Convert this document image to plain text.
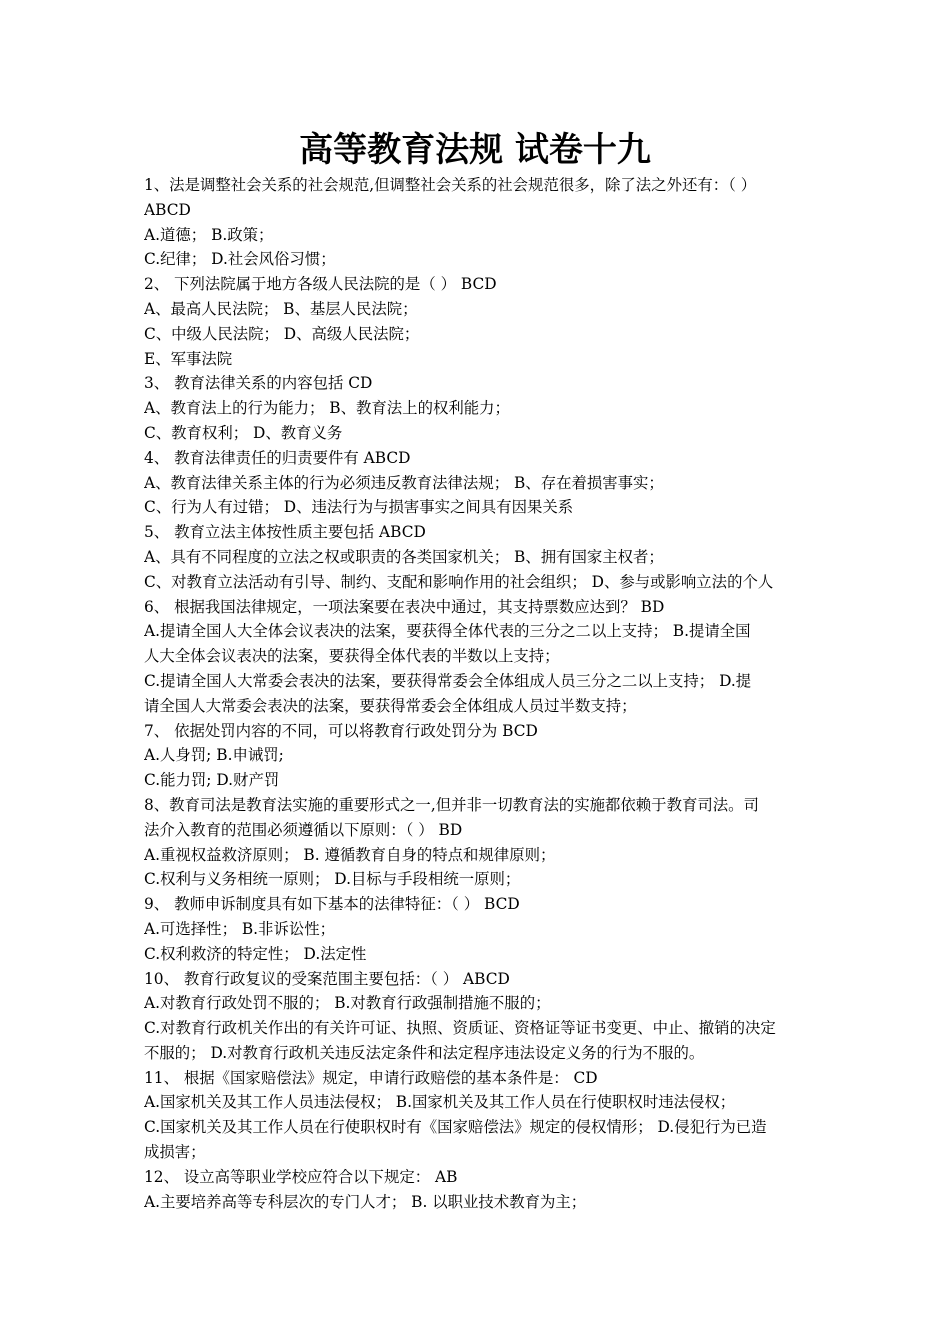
高等教育法规 试卷十九
1、法是调整社会关系的社会规范,但调整社会关系的社会规范很多，除了法之外还有：（ ）
ABCD
A.道德； B.政策；
C.纪律； D.社会风俗习惯；
2、 下列法院属于地方各级人民法院的是（ ） BCD
A、最高人民法院； B、基层人民法院；
C、中级人民法院； D、高级人民法院；
E、军事法院
3、 教育法律关系的内容包括 CD
A、教育法上的行为能力； B、教育法上的权利能力；
C、教育权利； D、教育义务
4、 教育法律责任的归责要件有 ABCD
A、教育法律关系主体的行为必须违反教育法律法规； B、存在着损害事实；
C、行为人有过错； D、违法行为与损害事实之间具有因果关系
5、 教育立法主体按性质主要包括 ABCD
A、具有不同程度的立法之权或职责的各类国家机关； B、拥有国家主权者；
C、对教育立法活动有引导、制约、支配和影响作用的社会组织； D、参与或影响立法的个人
6、 根据我国法律规定，一项法案要在表决中通过，其支持票数应达到？ BD
A.提请全国人大全体会议表决的法案，要获得全体代表的三分之二以上支持； B.提请全国
人大全体会议表决的法案，要获得全体代表的半数以上支持；
C.提请全国人大常委会表决的法案，要获得常委会全体组成人员三分之二以上支持； D.提
请全国人大常委会表决的法案，要获得常委会全体组成人员过半数支持；
7、 依据处罚内容的不同，可以将教育行政处罚分为 BCD
A.人身罚; B.申诫罚;
C.能力罚; D.财产罚
8、教育司法是教育法实施的重要形式之一,但并非一切教育法的实施都依赖于教育司法。司
法介入教育的范围必须遵循以下原则：（ ） BD
A.重视权益救济原则； B. 遵循教育自身的特点和规律原则；
C.权利与义务相统一原则； D.目标与手段相统一原则；
9、 教师申诉制度具有如下基本的法律特征：（ ） BCD
A.可选择性； B.非诉讼性；
C.权利救济的特定性； D.法定性
10、 教育行政复议的受案范围主要包括：（ ） ABCD
A.对教育行政处罚不服的； B.对教育行政强制措施不服的；
C.对教育行政机关作出的有关许可证、执照、资质证、资格证等证书变更、中止、撤销的决定
不服的； D.对教育行政机关违反法定条件和法定程序违法设定义务的行为不服的。
11、 根据《国家赔偿法》规定，申请行政赔偿的基本条件是： CD
A.国家机关及其工作人员违法侵权； B.国家机关及其工作人员在行使职权时违法侵权；
C.国家机关及其工作人员在行使职权时有《国家赔偿法》规定的侵权情形； D.侵犯行为已造
成损害；
12、 设立高等职业学校应符合以下规定： AB
A.主要培养高等专科层次的专门人才； B. 以职业技术教育为主；
